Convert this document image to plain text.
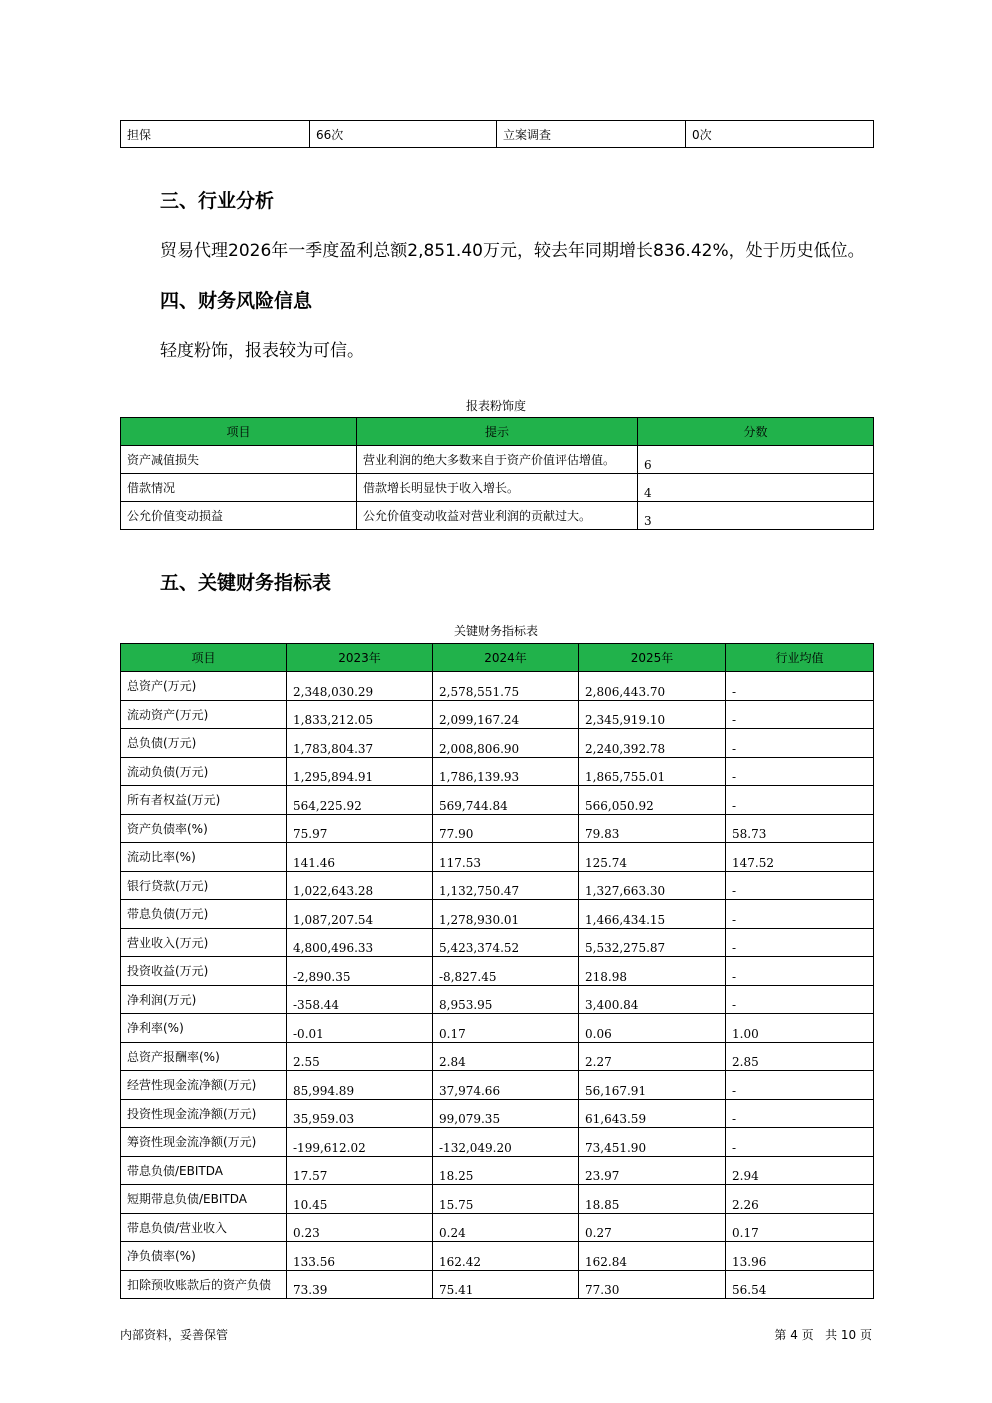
担保	66次	立案调查	0次
三、行业分析
贸易代理2026年一季度盈利总额2,851.40万元，较去年同期增长836.42%，处于历史低位。
四、财务风险信息
轻度粉饰，报表较为可信。
报表粉饰度
项目	提示	分数
资产减值损失	营业利润的绝大多数来自于资产价值评估增值。	6
借款情况	借款增长明显快于收入增长。	4
公允价值变动损益	公允价值变动收益对营业利润的贡献过大。	3
五、关键财务指标表
关键财务指标表
项目	2023年	2024年	2025年	行业均值
总资产(万元)	2,348,030.29	2,578,551.75	2,806,443.70	-
流动资产(万元)	1,833,212.05	2,099,167.24	2,345,919.10	-
总负债(万元)	1,783,804.37	2,008,806.90	2,240,392.78	-
流动负债(万元)	1,295,894.91	1,786,139.93	1,865,755.01	-
所有者权益(万元)	564,225.92	569,744.84	566,050.92	-
资产负债率(%)	75.97	77.90	79.83	58.73
流动比率(%)	141.46	117.53	125.74	147.52
银行贷款(万元)	1,022,643.28	1,132,750.47	1,327,663.30	-
带息负债(万元)	1,087,207.54	1,278,930.01	1,466,434.15	-
营业收入(万元)	4,800,496.33	5,423,374.52	5,532,275.87	-
投资收益(万元)	-2,890.35	-8,827.45	218.98	-
净利润(万元)	-358.44	8,953.95	3,400.84	-
净利率(%)	-0.01	0.17	0.06	1.00
总资产报酬率(%)	2.55	2.84	2.27	2.85
经营性现金流净额(万元)	85,994.89	37,974.66	56,167.91	-
投资性现金流净额(万元)	35,959.03	99,079.35	61,643.59	-
筹资性现金流净额(万元)	-199,612.02	-132,049.20	73,451.90	-
带息负债/EBITDA	17.57	18.25	23.97	2.94
短期带息负债/EBITDA	10.45	15.75	18.85	2.26
带息负债/营业收入	0.23	0.24	0.27	0.17
净负债率(%)	133.56	162.42	162.84	13.96
扣除预收账款后的资产负债	73.39	75.41	77.30	56.54
内部资料，妥善保管	第 4 页   共 10 页
